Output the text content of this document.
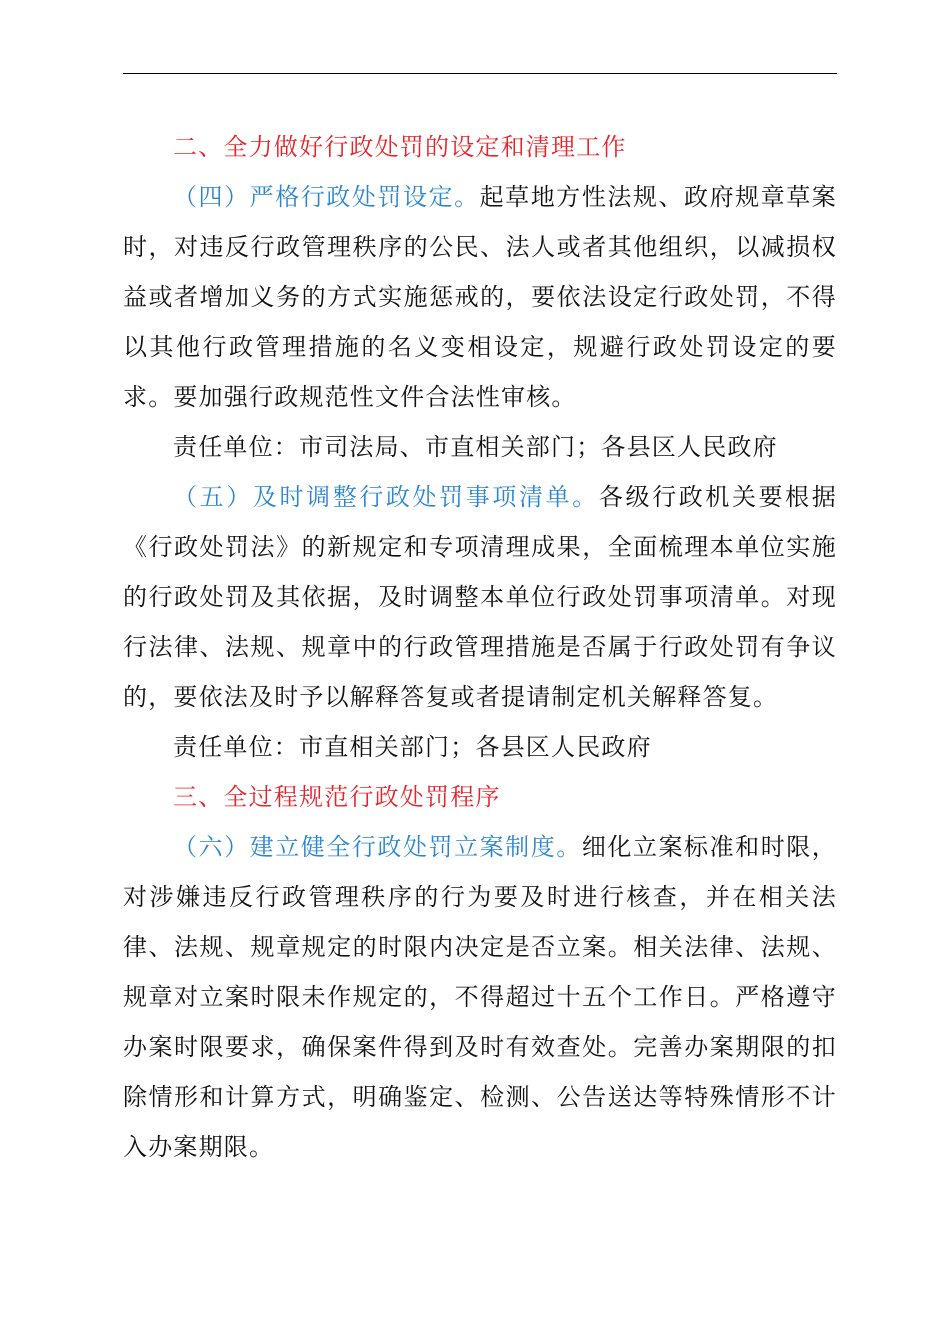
二、全力做好行政处罚的设定和清理工作

（四）严格行政处罚设定。起草地方性法规、政府规章草案时，对违反行政管理秩序的公民、法人或者其他组织，以减损权益或者增加义务的方式实施惩戒的，要依法设定行政处罚，不得以其他行政管理措施的名义变相设定，规避行政处罚设定的要求。要加强行政规范性文件合法性审核。

责任单位：市司法局、市直相关部门；各县区人民政府

（五）及时调整行政处罚事项清单。各级行政机关要根据《行政处罚法》的新规定和专项清理成果，全面梳理本单位实施的行政处罚及其依据，及时调整本单位行政处罚事项清单。对现行法律、法规、规章中的行政管理措施是否属于行政处罚有争议的，要依法及时予以解释答复或者提请制定机关解释答复。

责任单位：市直相关部门；各县区人民政府

三、全过程规范行政处罚程序

（六）建立健全行政处罚立案制度。细化立案标准和时限，对涉嫌违反行政管理秩序的行为要及时进行核查，并在相关法律、法规、规章规定的时限内决定是否立案。相关法律、法规、规章对立案时限未作规定的，不得超过十五个工作日。严格遵守办案时限要求，确保案件得到及时有效查处。完善办案期限的扣除情形和计算方式，明确鉴定、检测、公告送达等特殊情形不计入办案期限。
